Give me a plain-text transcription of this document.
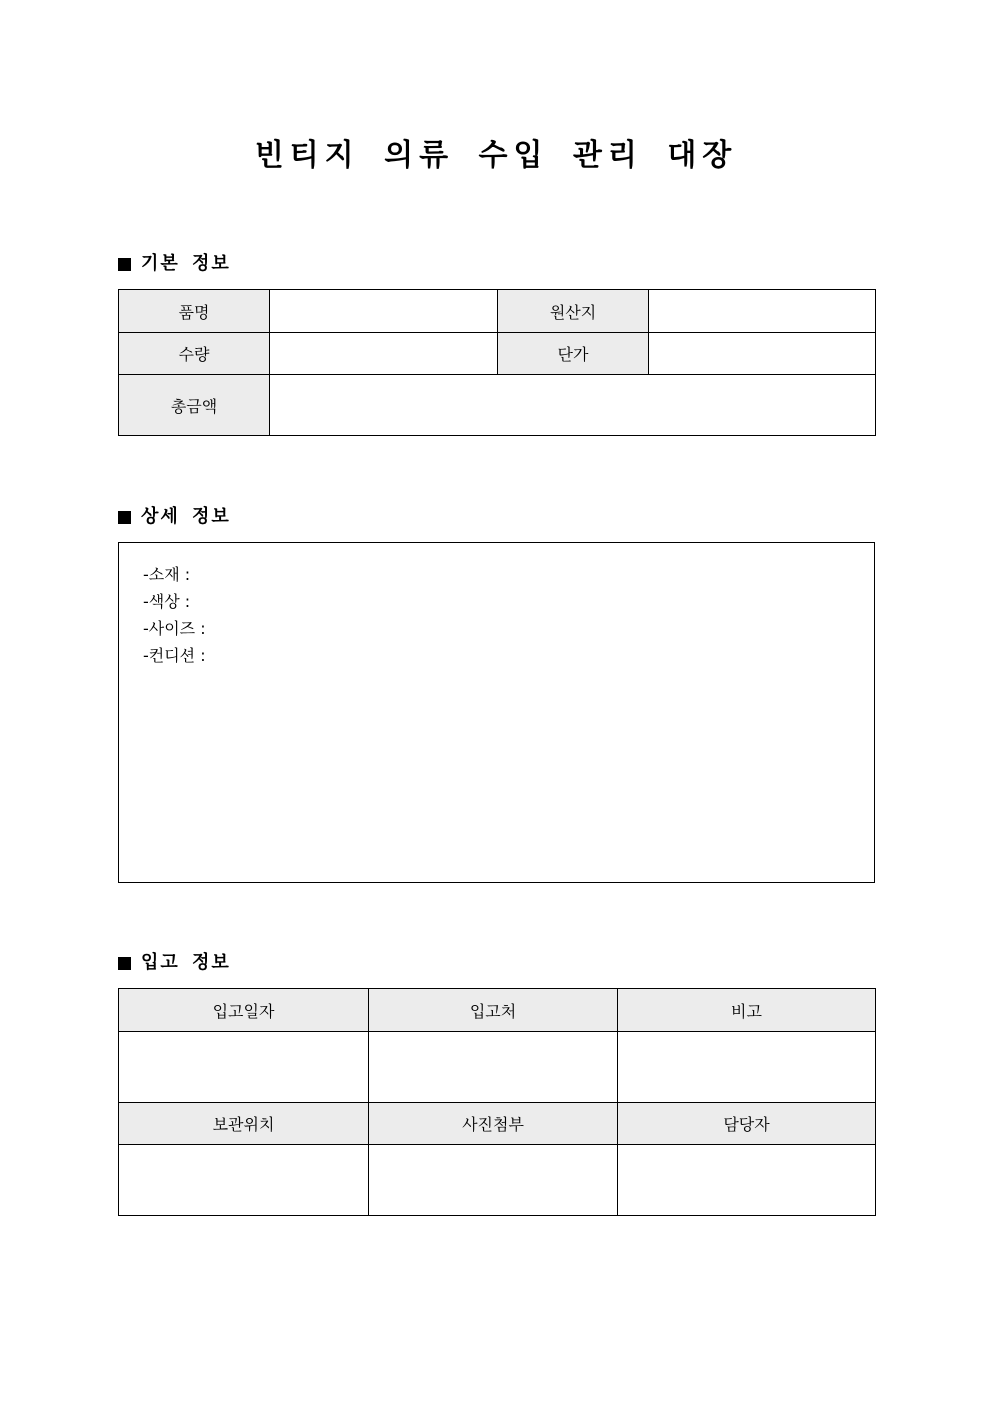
빈티지 의류 수입 관리 대장
기본 정보
품명		원산지	
수량		단가	
총금액			
상세 정보
-소재 :
-색상 :
-사이즈 :
-컨디션 :
입고 정보
입고일자	입고처	비고

보관위치	사진첨부	담당자
